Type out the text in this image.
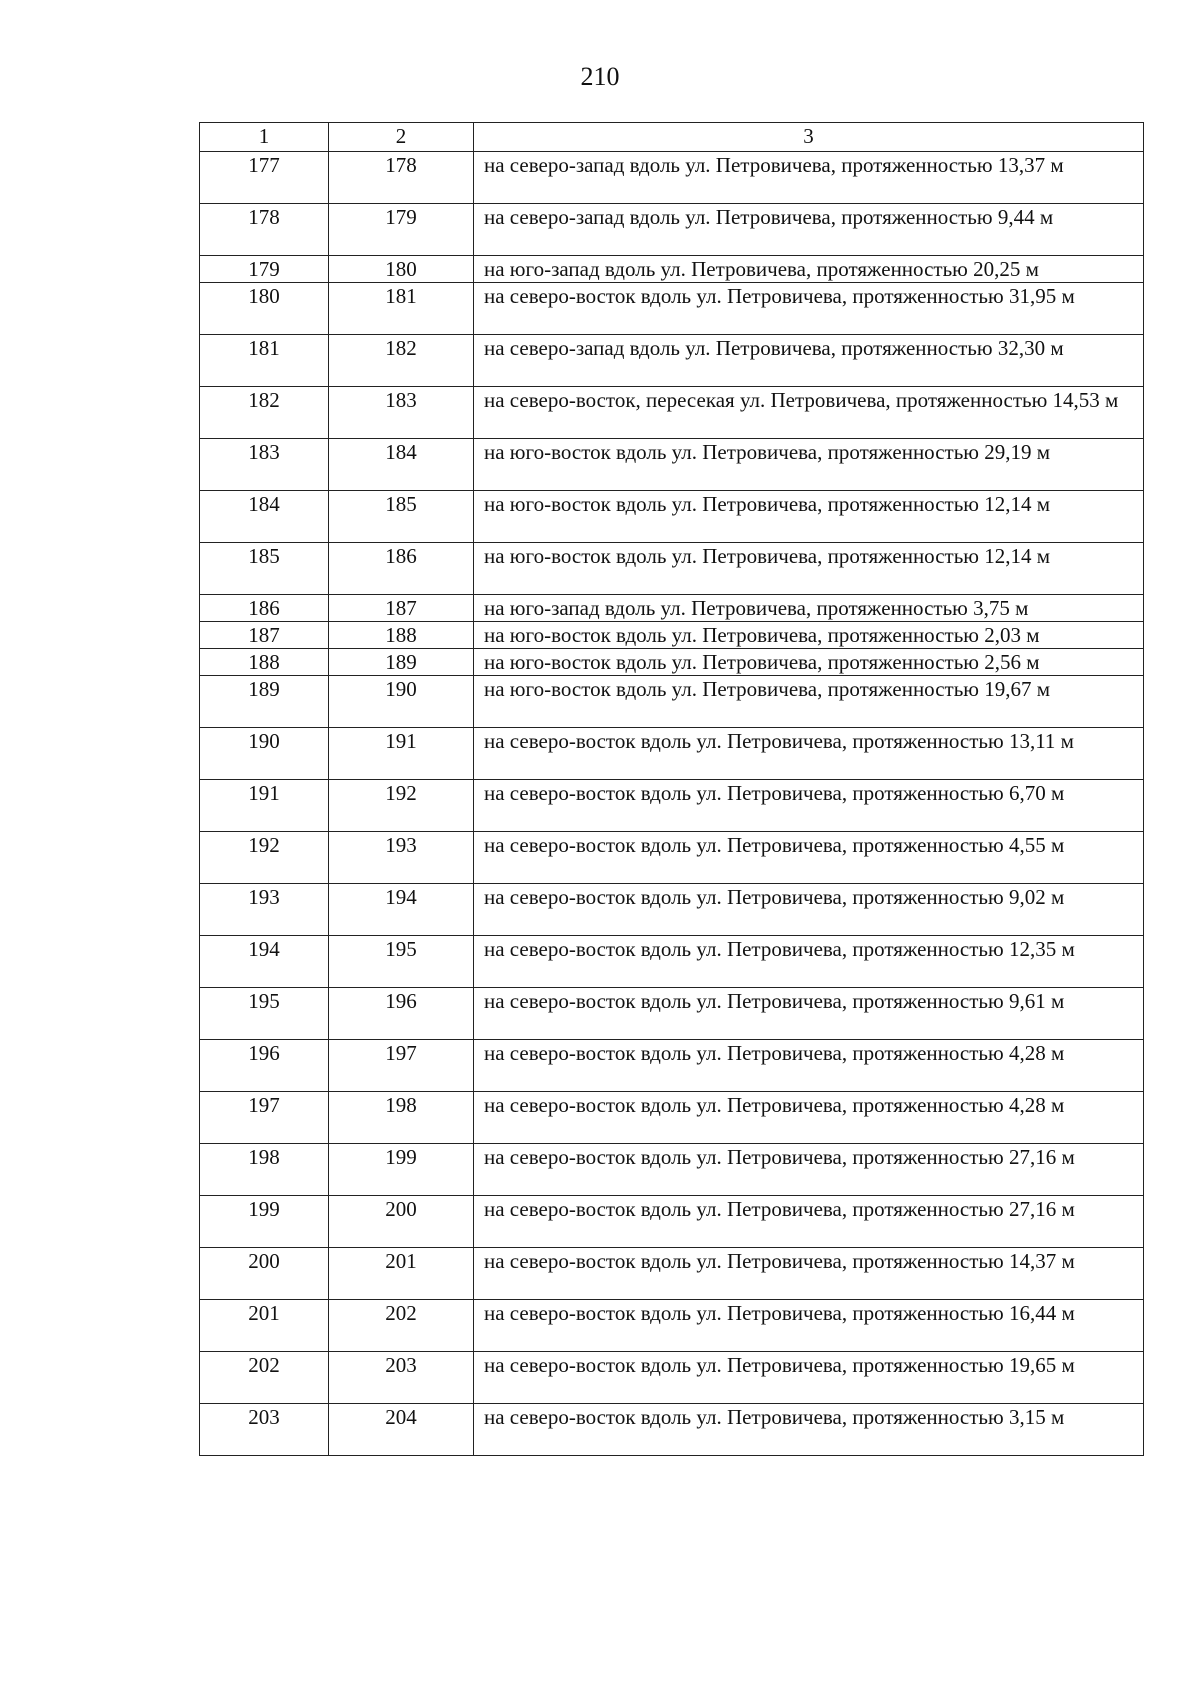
210
1	2	3
177	178	на северо-запад вдоль ул. Петровичева, протяженностью 13,37 м
178	179	на северо-запад вдоль ул. Петровичева, протяженностью 9,44 м
179	180	на юго-запад вдоль ул. Петровичева, протяженностью 20,25 м
180	181	на северо-восток вдоль ул. Петровичева, протяженностью 31,95 м
181	182	на северо-запад вдоль ул. Петровичева, протяженностью 32,30 м
182	183	на северо-восток, пересекая ул. Петровичева, протяженностью 14,53 м
183	184	на юго-восток вдоль ул. Петровичева, протяженностью 29,19 м
184	185	на юго-восток вдоль ул. Петровичева, протяженностью 12,14 м
185	186	на юго-восток вдоль ул. Петровичева, протяженностью 12,14 м
186	187	на юго-запад вдоль ул. Петровичева, протяженностью 3,75 м
187	188	на юго-восток вдоль ул. Петровичева, протяженностью 2,03 м
188	189	на юго-восток вдоль ул. Петровичева, протяженностью 2,56 м
189	190	на юго-восток вдоль ул. Петровичева, протяженностью 19,67 м
190	191	на северо-восток вдоль ул. Петровичева, протяженностью 13,11 м
191	192	на северо-восток вдоль ул. Петровичева, протяженностью 6,70 м
192	193	на северо-восток вдоль ул. Петровичева, протяженностью 4,55 м
193	194	на северо-восток вдоль ул. Петровичева, протяженностью 9,02 м
194	195	на северо-восток вдоль ул. Петровичева, протяженностью 12,35 м
195	196	на северо-восток вдоль ул. Петровичева, протяженностью 9,61 м
196	197	на северо-восток вдоль ул. Петровичева, протяженностью 4,28 м
197	198	на северо-восток вдоль ул. Петровичева, протяженностью 4,28 м
198	199	на северо-восток вдоль ул. Петровичева, протяженностью 27,16 м
199	200	на северо-восток вдоль ул. Петровичева, протяженностью 27,16 м
200	201	на северо-восток вдоль ул. Петровичева, протяженностью 14,37 м
201	202	на северо-восток вдоль ул. Петровичева, протяженностью 16,44 м
202	203	на северо-восток вдоль ул. Петровичева, протяженностью 19,65 м
203	204	на северо-восток вдоль ул. Петровичева, протяженностью 3,15 м
